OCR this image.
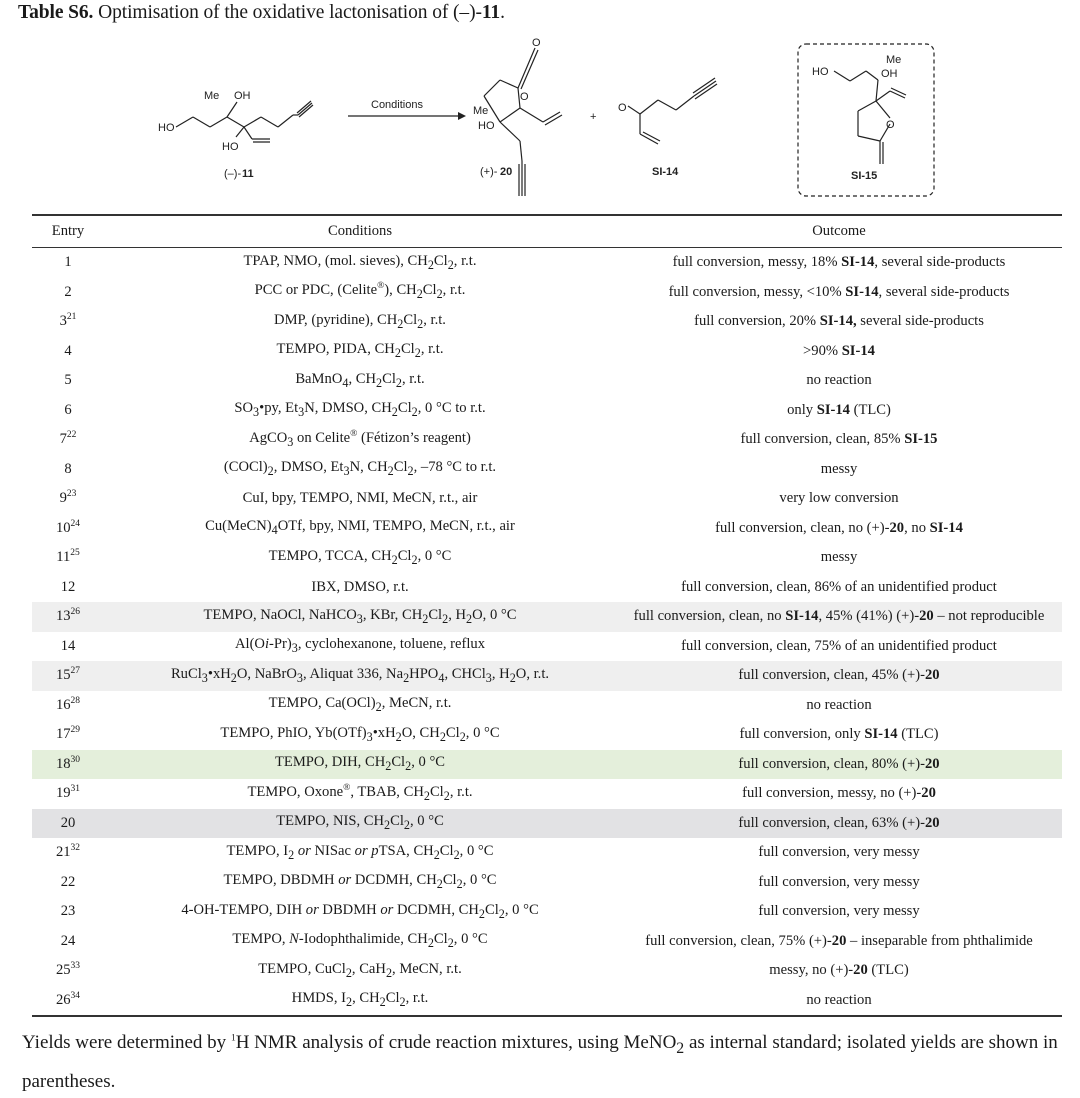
Table S6. Optimisation of the oxidative lactonisation of (–)-11.
HO
Me OH
HO
(–)- 11
Conditions
O
O
Me
HO
(+)- 20
+
O
SI-14
HO
Me
OH
O
SI-15
Entry	Conditions	Outcome
1	TPAP, NMO, (mol. sieves), $CH_2Cl_2$, r.t.	full conversion, messy, 18% SI-14, several side-products
2	PCC or PDC, (Celite®), $CH_2Cl_2$, r.t.	full conversion, messy, <10% SI-14, several side-products
$3^{21}$	DMP, (pyridine), $CH_2Cl_2$, r.t.	full conversion, 20% SI-14, several side-products
4	TEMPO, PIDA, $CH_2Cl_2$, r.t.	>90% SI-14
5	BaMnO$_4$, $CH_2Cl_2$, r.t.	no reaction
6	$SO_3•py$, $Et_3N$, DMSO, $CH_2Cl_2$, 0 °C to r.t.	only SI-14 (TLC)
$7^{22}$	AgCO$_3$ on Celite® (Fétizon’s reagent)	full conversion, clean, 85% SI-15
8	$(COCl)_2$, DMSO, $Et_3N$, $CH_2Cl_2$, –78 °C to r.t.	messy
$9^{23}$	CuI, bpy, TEMPO, NMI, MeCN, r.t., air	very low conversion
$10^{24}$	$Cu(MeCN)_4OTf$, bpy, NMI, TEMPO, MeCN, r.t., air	full conversion, clean, no (+)-20, no SI-14
$11^{25}$	TEMPO, TCCA, $CH_2Cl_2$, 0 °C	messy
12	IBX, DMSO, r.t.	full conversion, clean, 86% of an unidentified product
$13^{26}$	TEMPO, NaOCl, NaHCO$_3$, KBr, $CH_2Cl_2$, $H_2O$, 0 °C	full conversion, clean, no SI-14, 45% (41%) (+)-20 – not reproducible
14	$Al(Oi-Pr)_3$, cyclohexanone, toluene, reflux	full conversion, clean, 75% of an unidentified product
$15^{27}$	$RuCl_3•xH_2O$, NaBrO$_3$, Aliquat 336, $Na_2HPO_4$, CHCl$_3$, $H_2O$, r.t.	full conversion, clean, 45% (+)-20
$16^{28}$	TEMPO, $Ca(OCl)_2$, MeCN, r.t.	no reaction
$17^{29}$	TEMPO, PhIO, $Yb(OTf)_3•xH_2O$, $CH_2Cl_2$, 0 °C	full conversion, only SI-14 (TLC)
$18^{30}$	TEMPO, DIH, $CH_2Cl_2$, 0 °C	full conversion, clean, 80% (+)-20
$19^{31}$	TEMPO, Oxone®, TBAB, $CH_2Cl_2$, r.t.	full conversion, messy, no (+)-20
20	TEMPO, NIS, $CH_2Cl_2$, 0 °C	full conversion, clean, 63% (+)-20
$21^{32}$	TEMPO, $I_2$ or NISac or pTSA, $CH_2Cl_2$, 0 °C	full conversion, very messy
22	TEMPO, DBDMH or DCDMH, $CH_2Cl_2$, 0 °C	full conversion, very messy
23	4-OH-TEMPO, DIH or DBDMH or DCDMH, $CH_2Cl_2$, 0 °C	full conversion, very messy
24	TEMPO, N-Iodophthalimide, $CH_2Cl_2$, 0 °C	full conversion, clean, 75% (+)-20 – inseparable from phthalimide
$25^{33}$	TEMPO, CuCl$_2$, CaH$_2$, MeCN, r.t.	messy, no (+)-20 (TLC)
$26^{34}$	HMDS, $I_2$, $CH_2Cl_2$, r.t.	no reaction
Yields were determined by $^1$H NMR analysis of crude reaction mixtures, using MeNO$_2$ as internal standard; isolated yields are shown in parentheses.
